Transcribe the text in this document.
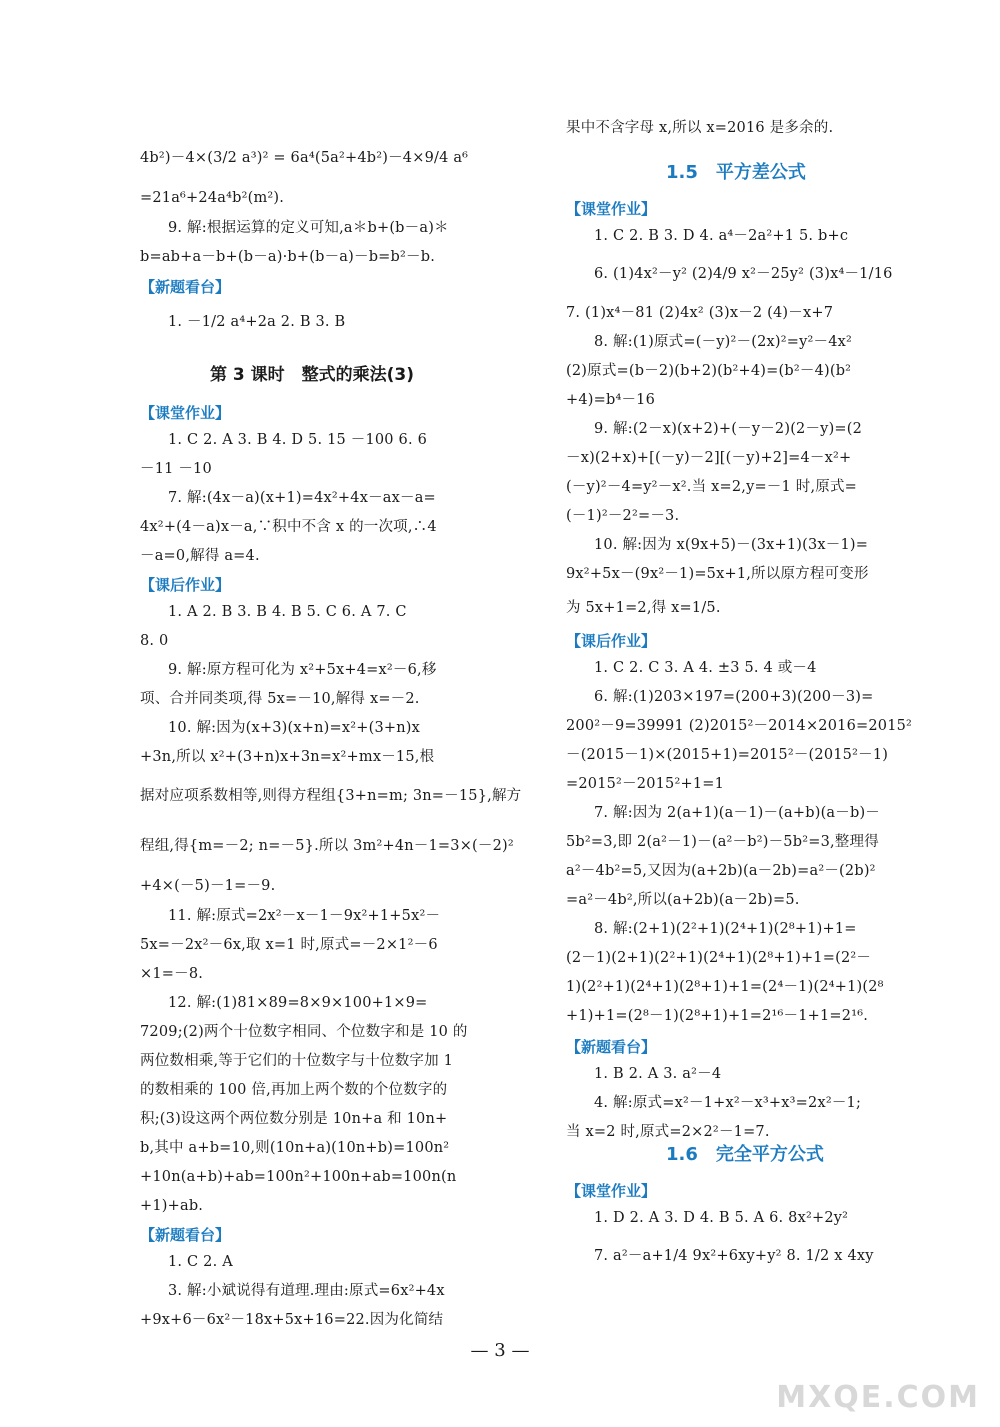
4b²)－4×(3/2 a³)² = 6a⁴(5a²+4b²)－4×9/4 a⁶
=21a⁶+24a⁴b²(m²).
9. 解:根据运算的定义可知,a＊b+(b－a)＊
b=ab+a－b+(b－a)·b+(b－a)－b=b²－b.
【新题看台】
1. －1/2 a⁴+2a 2. B 3. B
第 3 课时　整式的乘法(3)
【课堂作业】
1. C 2. A 3. B 4. D 5. 15 －100 6. 6
－11 －10
7. 解:(4x－a)(x+1)=4x²+4x－ax－a=
4x²+(4－a)x－a,∵积中不含 x 的一次项,∴4
－a=0,解得 a=4.
【课后作业】
1. A 2. B 3. B 4. B 5. C 6. A 7. C
8. 0
9. 解:原方程可化为 x²+5x+4=x²－6,移
项、合并同类项,得 5x=－10,解得 x=－2.
10. 解:因为(x+3)(x+n)=x²+(3+n)x
+3n,所以 x²+(3+n)x+3n=x²+mx－15,根
据对应项系数相等,则得方程组{3+n=m; 3n=－15},解方
程组,得{m=－2; n=－5}.所以 3m²+4n－1=3×(－2)²
+4×(－5)－1=－9.
11. 解:原式=2x²－x－1－9x²+1+5x²－
5x=－2x²－6x,取 x=1 时,原式=－2×1²－6
×1=－8.
12. 解:(1)81×89=8×9×100+1×9=
7209;(2)两个十位数字相同、个位数字和是 10 的
两位数相乘,等于它们的十位数字与十位数字加 1
的数相乘的 100 倍,再加上两个数的个位数字的
积;(3)设这两个两位数分别是 10n+a 和 10n+
b,其中 a+b=10,则(10n+a)(10n+b)=100n²
+10n(a+b)+ab=100n²+100n+ab=100n(n
+1)+ab.
【新题看台】
果中不含字母 x,所以 x=2016 是多余的.
1.5　平方差公式
【课堂作业】
1. C 2. B 3. D 4. a⁴－2a²+1 5. b+c
6. (1)4x²－y² (2)4/9 x²－25y² (3)x⁴－1/16
7. (1)x⁴－81 (2)4x² (3)x－2 (4)－x+7
8. 解:(1)原式=(－y)²－(2x)²=y²－4x²
(2)原式=(b－2)(b+2)(b²+4)=(b²－4)(b²
+4)=b⁴－16
9. 解:(2－x)(x+2)+(－y－2)(2－y)=(2
－x)(2+x)+[(－y)－2][(－y)+2]=4－x²+
(－y)²－4=y²－x².当 x=2,y=－1 时,原式=
(－1)²－2²=－3.
10. 解:因为 x(9x+5)－(3x+1)(3x－1)=
9x²+5x－(9x²－1)=5x+1,所以原方程可变形
为 5x+1=2,得 x=1/5.
【课后作业】
1. C 2. C 3. A 4. ±3 5. 4 或－4
6. 解:(1)203×197=(200+3)(200－3)=
200²－9=39991 (2)2015²－2014×2016=2015²
－(2015－1)×(2015+1)=2015²－(2015²－1)
=2015²－2015²+1=1
7. 解:因为 2(a+1)(a－1)－(a+b)(a－b)－
5b²=3,即 2(a²－1)－(a²－b²)－5b²=3,整理得
a²－4b²=5,又因为(a+2b)(a－2b)=a²－(2b)²
=a²－4b²,所以(a+2b)(a－2b)=5.
8. 解:(2+1)(2²+1)(2⁴+1)(2⁸+1)+1=
(2－1)(2+1)(2²+1)(2⁴+1)(2⁸+1)+1=(2²－
1)(2²+1)(2⁴+1)(2⁸+1)+1=(2⁴－1)(2⁴+1)(2⁸
+1)+1=(2⁸－1)(2⁸+1)+1=2¹⁶－1+1=2¹⁶.
【新题看台】
1. B 2. A 3. a²－4
4. 解:原式=x²－1+x²－x³+x³=2x²－1;
当 x=2 时,原式=2×2²－1=7.
1.6　完全平方公式
【课堂作业】
1. D 2. A 3. D 4. B 5. A 6. 8x²+2y²
7. a²－a+1/4 9x²+6xy+y² 8. 1/2 x 4xy
1. C 2. A
3. 解:小斌说得有道理.理由:原式=6x²+4x
+9x+6－6x²－18x+5x+16=22.因为化简结
— 3 —
MXQE.COM
